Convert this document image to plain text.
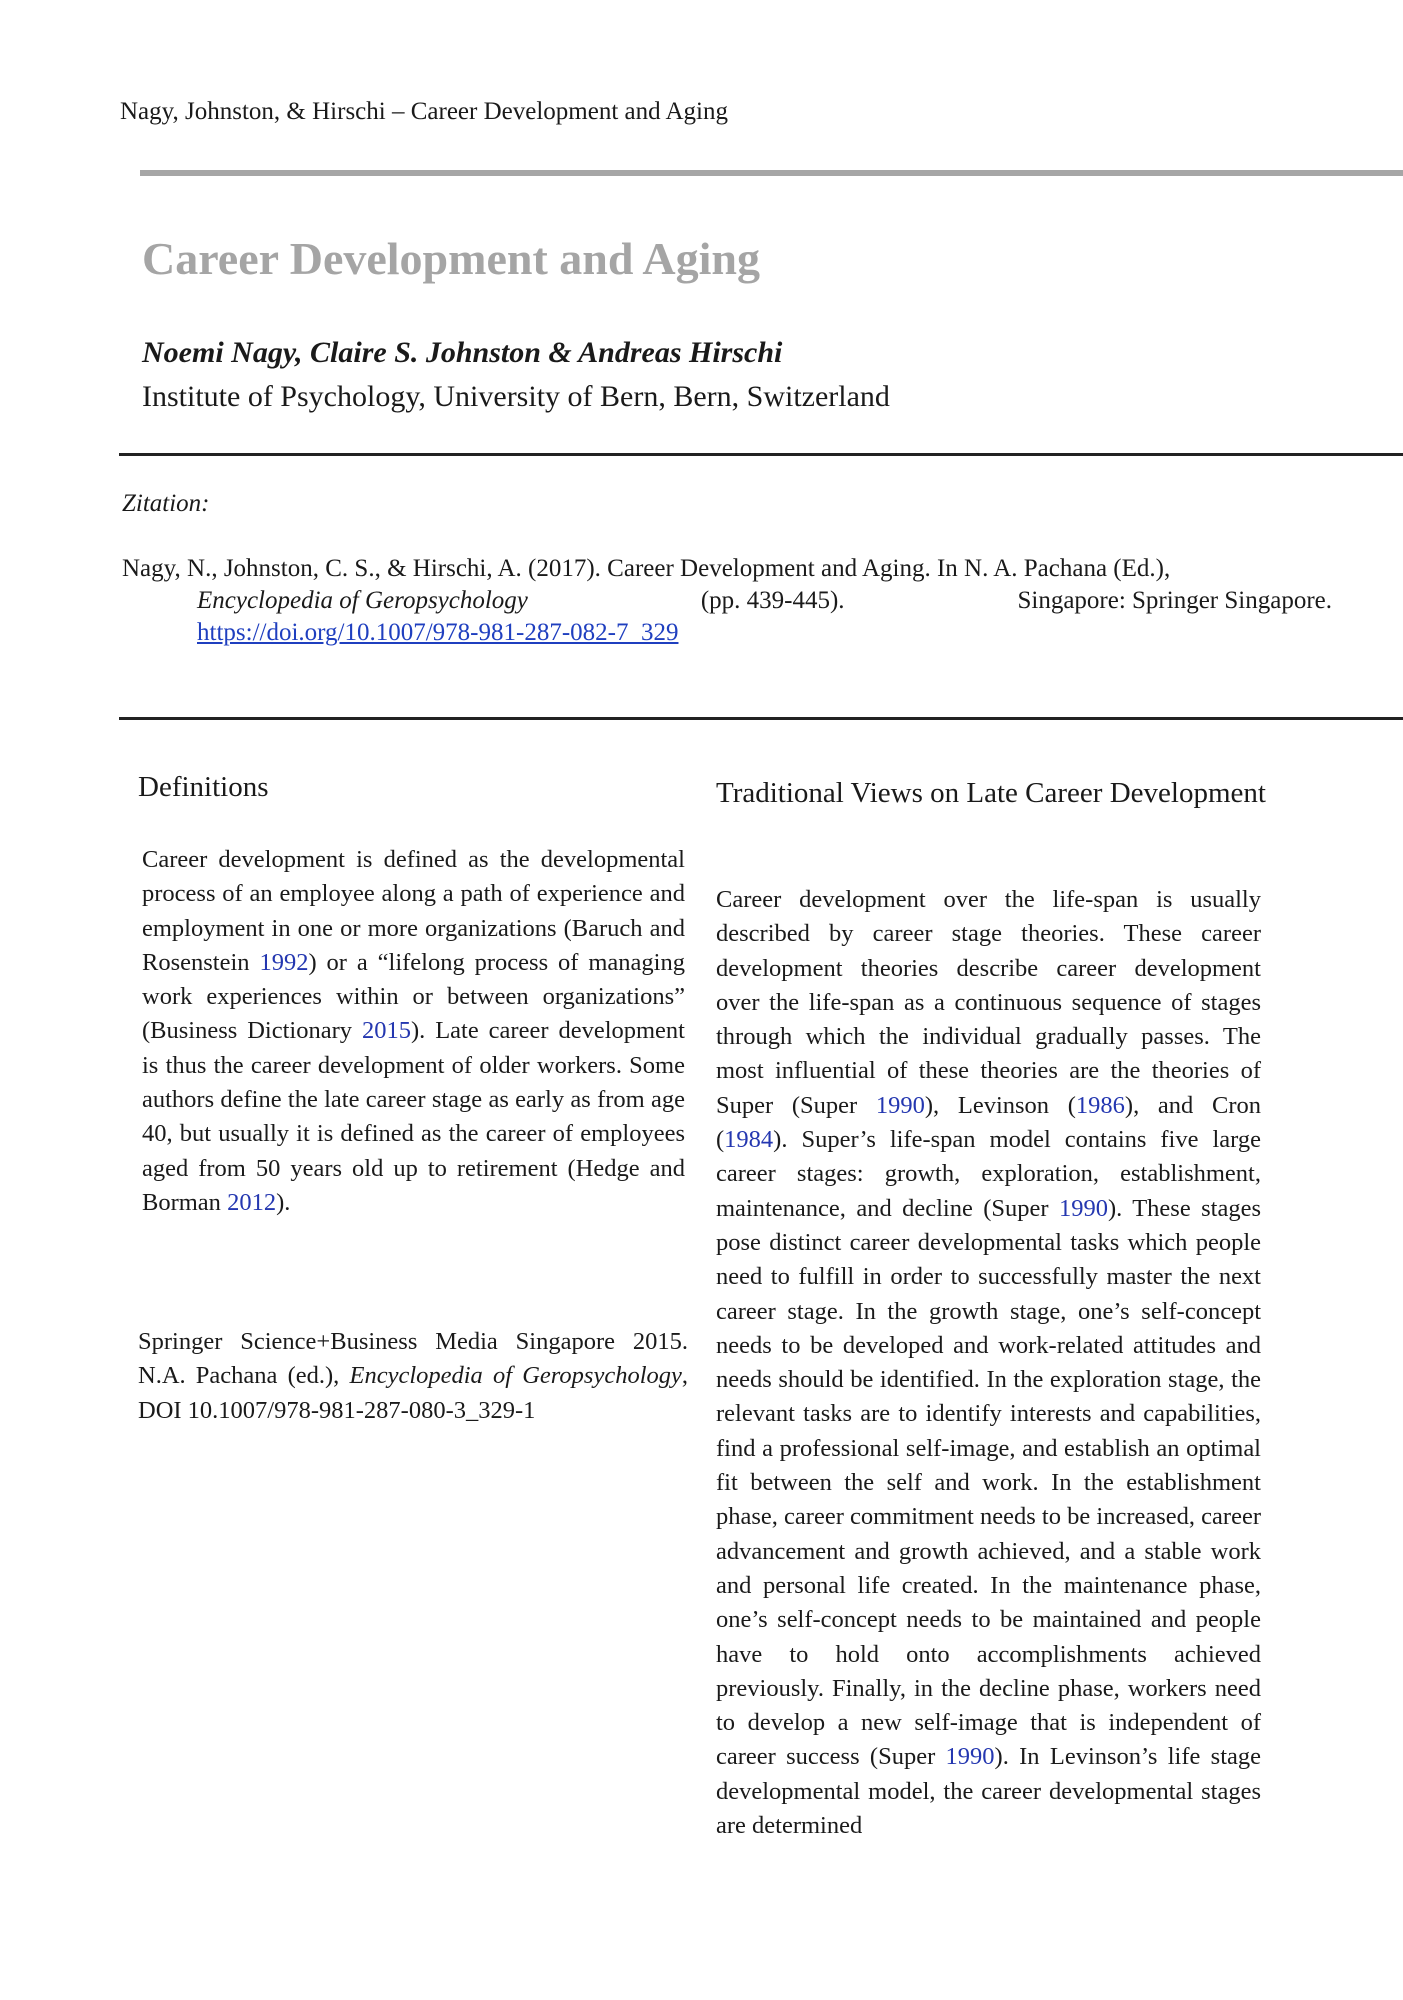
Nagy, Johnston, & Hirschi – Career Development and Aging
Career Development and Aging
Noemi Nagy, Claire S. Johnston & Andreas Hirschi
Institute of Psychology, University of Bern, Bern, Switzerland
Zitation:
Nagy, N., Johnston, C. S., & Hirschi, A. (2017). Career Development and Aging. In N. A. Pachana (Ed.),
Encyclopedia of Geropsychology	(pp. 439-445).	Singapore: Springer Singapore.
https://doi.org/10.1007/978-981-287-082-7_329
Definitions
Career development is defined as the developmental process of an employee along a path of experience and employment in one or more organizations (Baruch and Rosenstein 1992) or a “lifelong process of managing work experiences within or between organizations” (Business Dictionary 2015). Late career development is thus the career development of older workers. Some authors define the late career stage as early as from age 40, but usually it is defined as the career of employees aged from 50 years old up to retirement (Hedge and Borman 2012).
Springer Science+Business Media Singapore 2015. N.A. Pachana (ed.), Encyclopedia of Geropsychology, DOI 10.1007/978-981-287-080-3_329-1
Traditional Views on Late Career Development
Career development over the life-span is usually described by career stage theories. These career development theories describe career development over the life-span as a continuous sequence of stages through which the individual gradually passes. The most influential of these theories are the theories of Super (Super 1990), Levinson (1986), and Cron (1984). Super’s life-span model contains five large career stages: growth, exploration, establishment, maintenance, and decline (Super 1990). These stages pose distinct career developmental tasks which people need to fulfill in order to successfully master the next career stage. In the growth stage, one’s self-concept needs to be developed and work-related attitudes and needs should be identified. In the exploration stage, the relevant tasks are to identify interests and capabilities, find a professional self-image, and establish an optimal fit between the self and work. In the establishment phase, career commitment needs to be increased, career advancement and growth achieved, and a stable work and personal life created. In the maintenance phase, one’s self-concept needs to be maintained and people have to hold onto accomplishments achieved previously. Finally, in the decline phase, workers need to develop a new self-image that is independent of career success (Super 1990). In Levinson’s life stage developmental model, the career developmental stages are determined
